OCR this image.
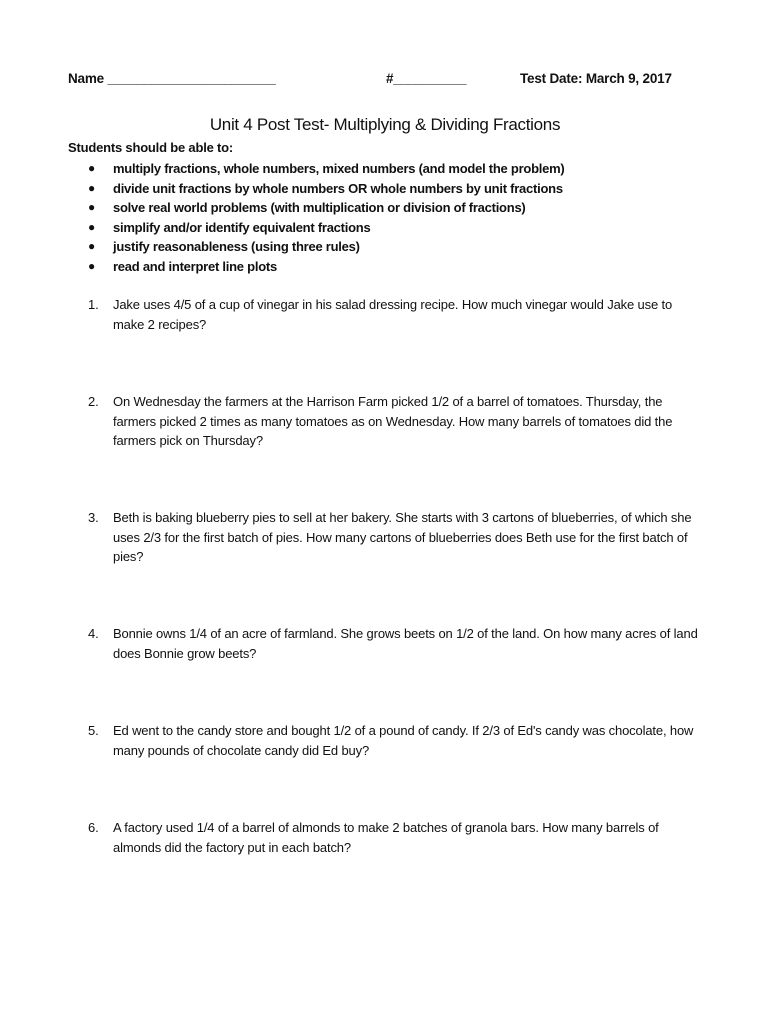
Name _______________________	#__________	Test Date: March 9, 2017
Unit 4 Post Test- Multiplying & Dividing Fractions
Students should be able to:
● multiply fractions, whole numbers, mixed numbers (and model the problem)
● divide unit fractions by whole numbers OR whole numbers by unit fractions
● solve real world problems (with multiplication or division of fractions)
● simplify and/or identify equivalent fractions
● justify reasonableness (using three rules)
● read and interpret line plots
1. Jake uses 4/5 of a cup of vinegar in his salad dressing recipe. How much vinegar would Jake use to make 2 recipes?
2. On Wednesday the farmers at the Harrison Farm picked 1/2 of a barrel of tomatoes. Thursday, the farmers picked 2 times as many tomatoes as on Wednesday. How many barrels of tomatoes did the farmers pick on Thursday?
3. Beth is baking blueberry pies to sell at her bakery. She starts with 3 cartons of blueberries, of which she uses 2/3 for the first batch of pies. How many cartons of blueberries does Beth use for the first batch of pies?
4. Bonnie owns 1/4 of an acre of farmland. She grows beets on 1/2 of the land. On how many acres of land does Bonnie grow beets?
5. Ed went to the candy store and bought 1/2 of a pound of candy. If 2/3 of Ed's candy was chocolate, how many pounds of chocolate candy did Ed buy?
6. A factory used 1/4 of a barrel of almonds to make 2 batches of granola bars. How many barrels of almonds did the factory put in each batch?
